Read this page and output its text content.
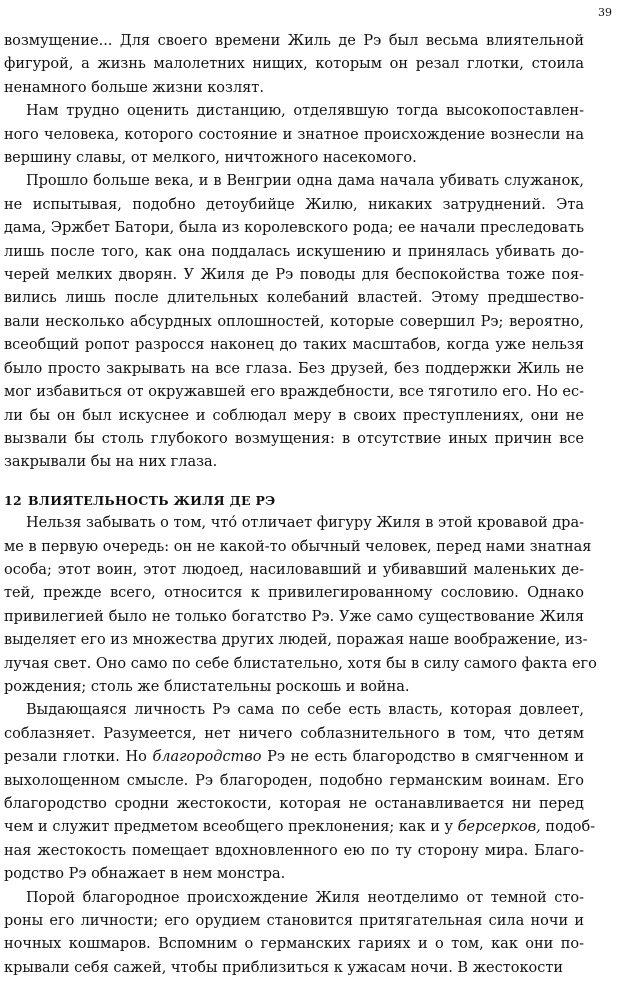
39

возмущение... Для своего времени Жиль де Рэ был весьма влиятельной
фигурой, а жизнь малолетних нищих, которым он резал глотки, стоила
ненамного больше жизни козлят.

Нам трудно оценить дистанцию, отделявшую тогда высокопоставлен-
ного человека, которого состояние и знатное происхождение вознесли на
вершину славы, от мелкого, ничтожного насекомого.

Прошло больше века, и в Венгрии одна дама начала убивать служанок,
не испытывая, подобно детоубийце Жилю, никаких затруднений. Эта
дама, Эржбет Батори, была из королевского рода; ее начали преследовать
лишь после того, как она поддалась искушению и принялась убивать до-
черей мелких дворян. У Жиля де Рэ поводы для беспокойства тоже поя-
вились лишь после длительных колебаний властей. Этому предшество-
вали несколько абсурдных оплошностей, которые совершил Рэ; вероятно,
всеобщий ропот разросся наконец до таких масштабов, когда уже нельзя
было просто закрывать на все глаза. Без друзей, без поддержки Жиль не
мог избавиться от окружавшей его враждебности, все тяготило его. Но ес-
ли бы он был искуснее и соблюдал меру в своих преступлениях, они не
вызвали бы столь глубокого возмущения: в отсутствие иных причин все
закрывали бы на них глаза.

12 ВЛИЯТЕЛЬНОСТЬ ЖИЛЯ ДЕ РЭ

Нельзя забывать о том, что́ отличает фигуру Жиля в этой кровавой дра-
ме в первую очередь: он не какой-то обычный человек, перед нами знатная
особа; этот воин, этот людоед, насиловавший и убивавший маленьких де-
тей, прежде всего, относится к привилегированному сословию. Однако
привилегией было не только богатство Рэ. Уже само существование Жиля
выделяет его из множества других людей, поражая наше воображение, из-
лучая свет. Оно само по себе блистательно, хотя бы в силу самого факта его
рождения; столь же блистательны роскошь и война.

Выдающаяся личность Рэ сама по себе есть власть, которая довлеет,
соблазняет. Разумеется, нет ничего соблазнительного в том, что детям
резали глотки. Но благородство Рэ не есть благородство в смягченном и
выхолощенном смысле. Рэ благороден, подобно германским воинам. Его
благородство сродни жестокости, которая не останавливается ни перед
чем и служит предметом всеобщего преклонения; как и у берсерков, подоб-
ная жестокость помещает вдохновленного ею по ту сторону мира. Благо-
родство Рэ обнажает в нем монстра.

Порой благородное происхождение Жиля неотделимо от темной сто-
роны его личности; его орудием становится притягательная сила ночи и
ночных кошмаров. Вспомним о германских гариях и о том, как они по-
крывали себя сажей, чтобы приблизиться к ужасам ночи. В жестокости
